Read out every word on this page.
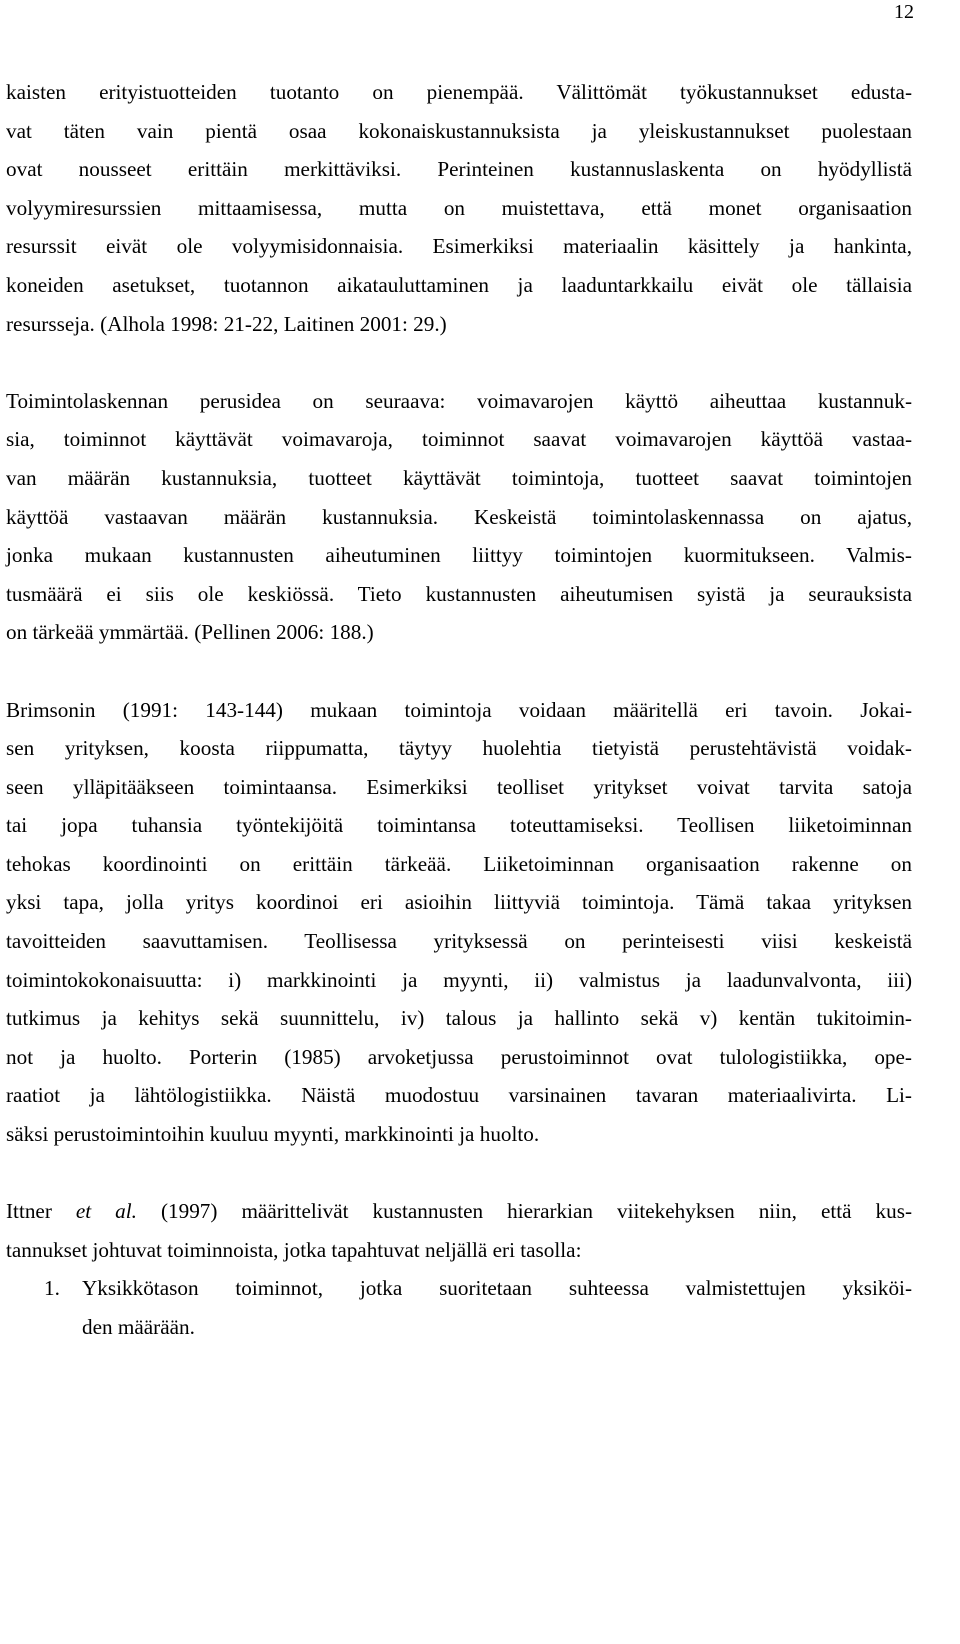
12
kaisten erityistuotteiden tuotanto on pienempää. Välittömät työkustannukset edusta-
vat täten vain pientä osaa kokonaiskustannuksista ja yleiskustannukset puolestaan
ovat nousseet erittäin merkittäviksi. Perinteinen kustannuslaskenta on hyödyllistä
volyymiresurssien mittaamisessa, mutta on muistettava, että monet organisaation
resurssit eivät ole volyymisidonnaisia. Esimerkiksi materiaalin käsittely ja hankinta,
koneiden asetukset, tuotannon aikatauluttaminen ja laaduntarkkailu eivät ole tällaisia
resursseja. (Alhola 1998: 21-22, Laitinen 2001: 29.)
Toimintolaskennan perusidea on seuraava: voimavarojen käyttö aiheuttaa kustannuk-
sia, toiminnot käyttävät voimavaroja, toiminnot saavat voimavarojen käyttöä vastaa-
van määrän kustannuksia, tuotteet käyttävät toimintoja, tuotteet saavat toimintojen
käyttöä vastaavan määrän kustannuksia. Keskeistä toimintolaskennassa on ajatus,
jonka mukaan kustannusten aiheutuminen liittyy toimintojen kuormitukseen. Valmis-
tusmäärä ei siis ole keskiössä. Tieto kustannusten aiheutumisen syistä ja seurauksista
on tärkeää ymmärtää. (Pellinen 2006: 188.)
Brimsonin (1991: 143-144) mukaan toimintoja voidaan määritellä eri tavoin. Jokai-
sen yrityksen, koosta riippumatta, täytyy huolehtia tietyistä perustehtävistä voidak-
seen ylläpitääkseen toimintaansa. Esimerkiksi teolliset yritykset voivat tarvita satoja
tai jopa tuhansia työntekijöitä toimintansa toteuttamiseksi. Teollisen liiketoiminnan
tehokas koordinointi on erittäin tärkeää. Liiketoiminnan organisaation rakenne on
yksi tapa, jolla yritys koordinoi eri asioihin liittyviä toimintoja. Tämä takaa yrityksen
tavoitteiden saavuttamisen. Teollisessa yrityksessä on perinteisesti viisi keskeistä
toimintokokonaisuutta: i) markkinointi ja myynti, ii) valmistus ja laadunvalvonta, iii)
tutkimus ja kehitys sekä suunnittelu, iv) talous ja hallinto sekä v) kentän tukitoimin-
not ja huolto. Porterin (1985) arvoketjussa perustoiminnot ovat tulologistiikka, ope-
raatiot ja lähtölogistiikka. Näistä muodostuu varsinainen tavaran materiaalivirta. Li-
säksi perustoimintoihin kuuluu myynti, markkinointi ja huolto.
Ittner et al. (1997) määrittelivät kustannusten hierarkian viitekehyksen niin, että kus-
tannukset johtuvat toiminnoista, jotka tapahtuvat neljällä eri tasolla:
1. Yksikkötason toiminnot, jotka suoritetaan suhteessa valmistettujen yksiköi-
den määrään.
